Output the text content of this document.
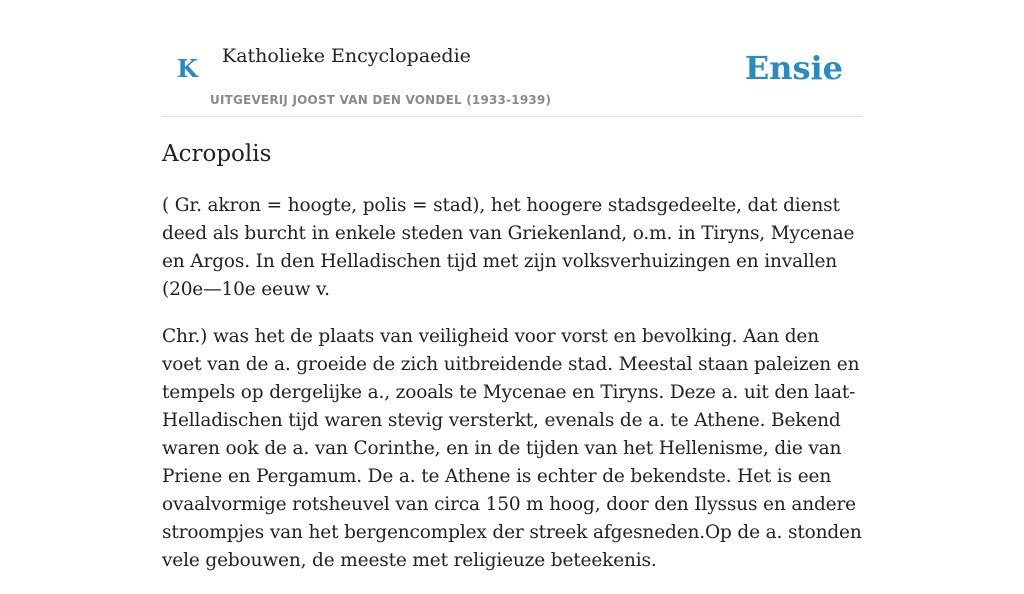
K Katholieke Encyclopaedie
UITGEVERIJ JOOST VAN DEN VONDEL (1933-1939)
Ensie
Acropolis

( Gr. akron = hoogte, polis = stad), het hoogere stadsgedeelte, dat dienst deed als burcht in enkele steden van Griekenland, o.m. in Tiryns, Mycenae en Argos. In den Helladischen tijd met zijn volksverhuizingen en invallen (20e—10e eeuw v.

Chr.) was het de plaats van veiligheid voor vorst en bevolking. Aan den voet van de a. groeide de zich uitbreidende stad. Meestal staan paleizen en tempels op dergelijke a., zooals te Mycenae en Tiryns. Deze a. uit den laat-Helladischen tijd waren stevig versterkt, evenals de a. te Athene. Bekend waren ook de a. van Corinthe, en in de tijden van het Hellenisme, die van Priene en Pergamum. De a. te Athene is echter de bekendste. Het is een ovaalvormige rotsheuvel van circa 150 m hoog, door den Ilyssus en andere stroompjes van het bergencomplex der streek afgesneden.Op de a. stonden vele gebouwen, de meeste met religieuze beteekenis.
